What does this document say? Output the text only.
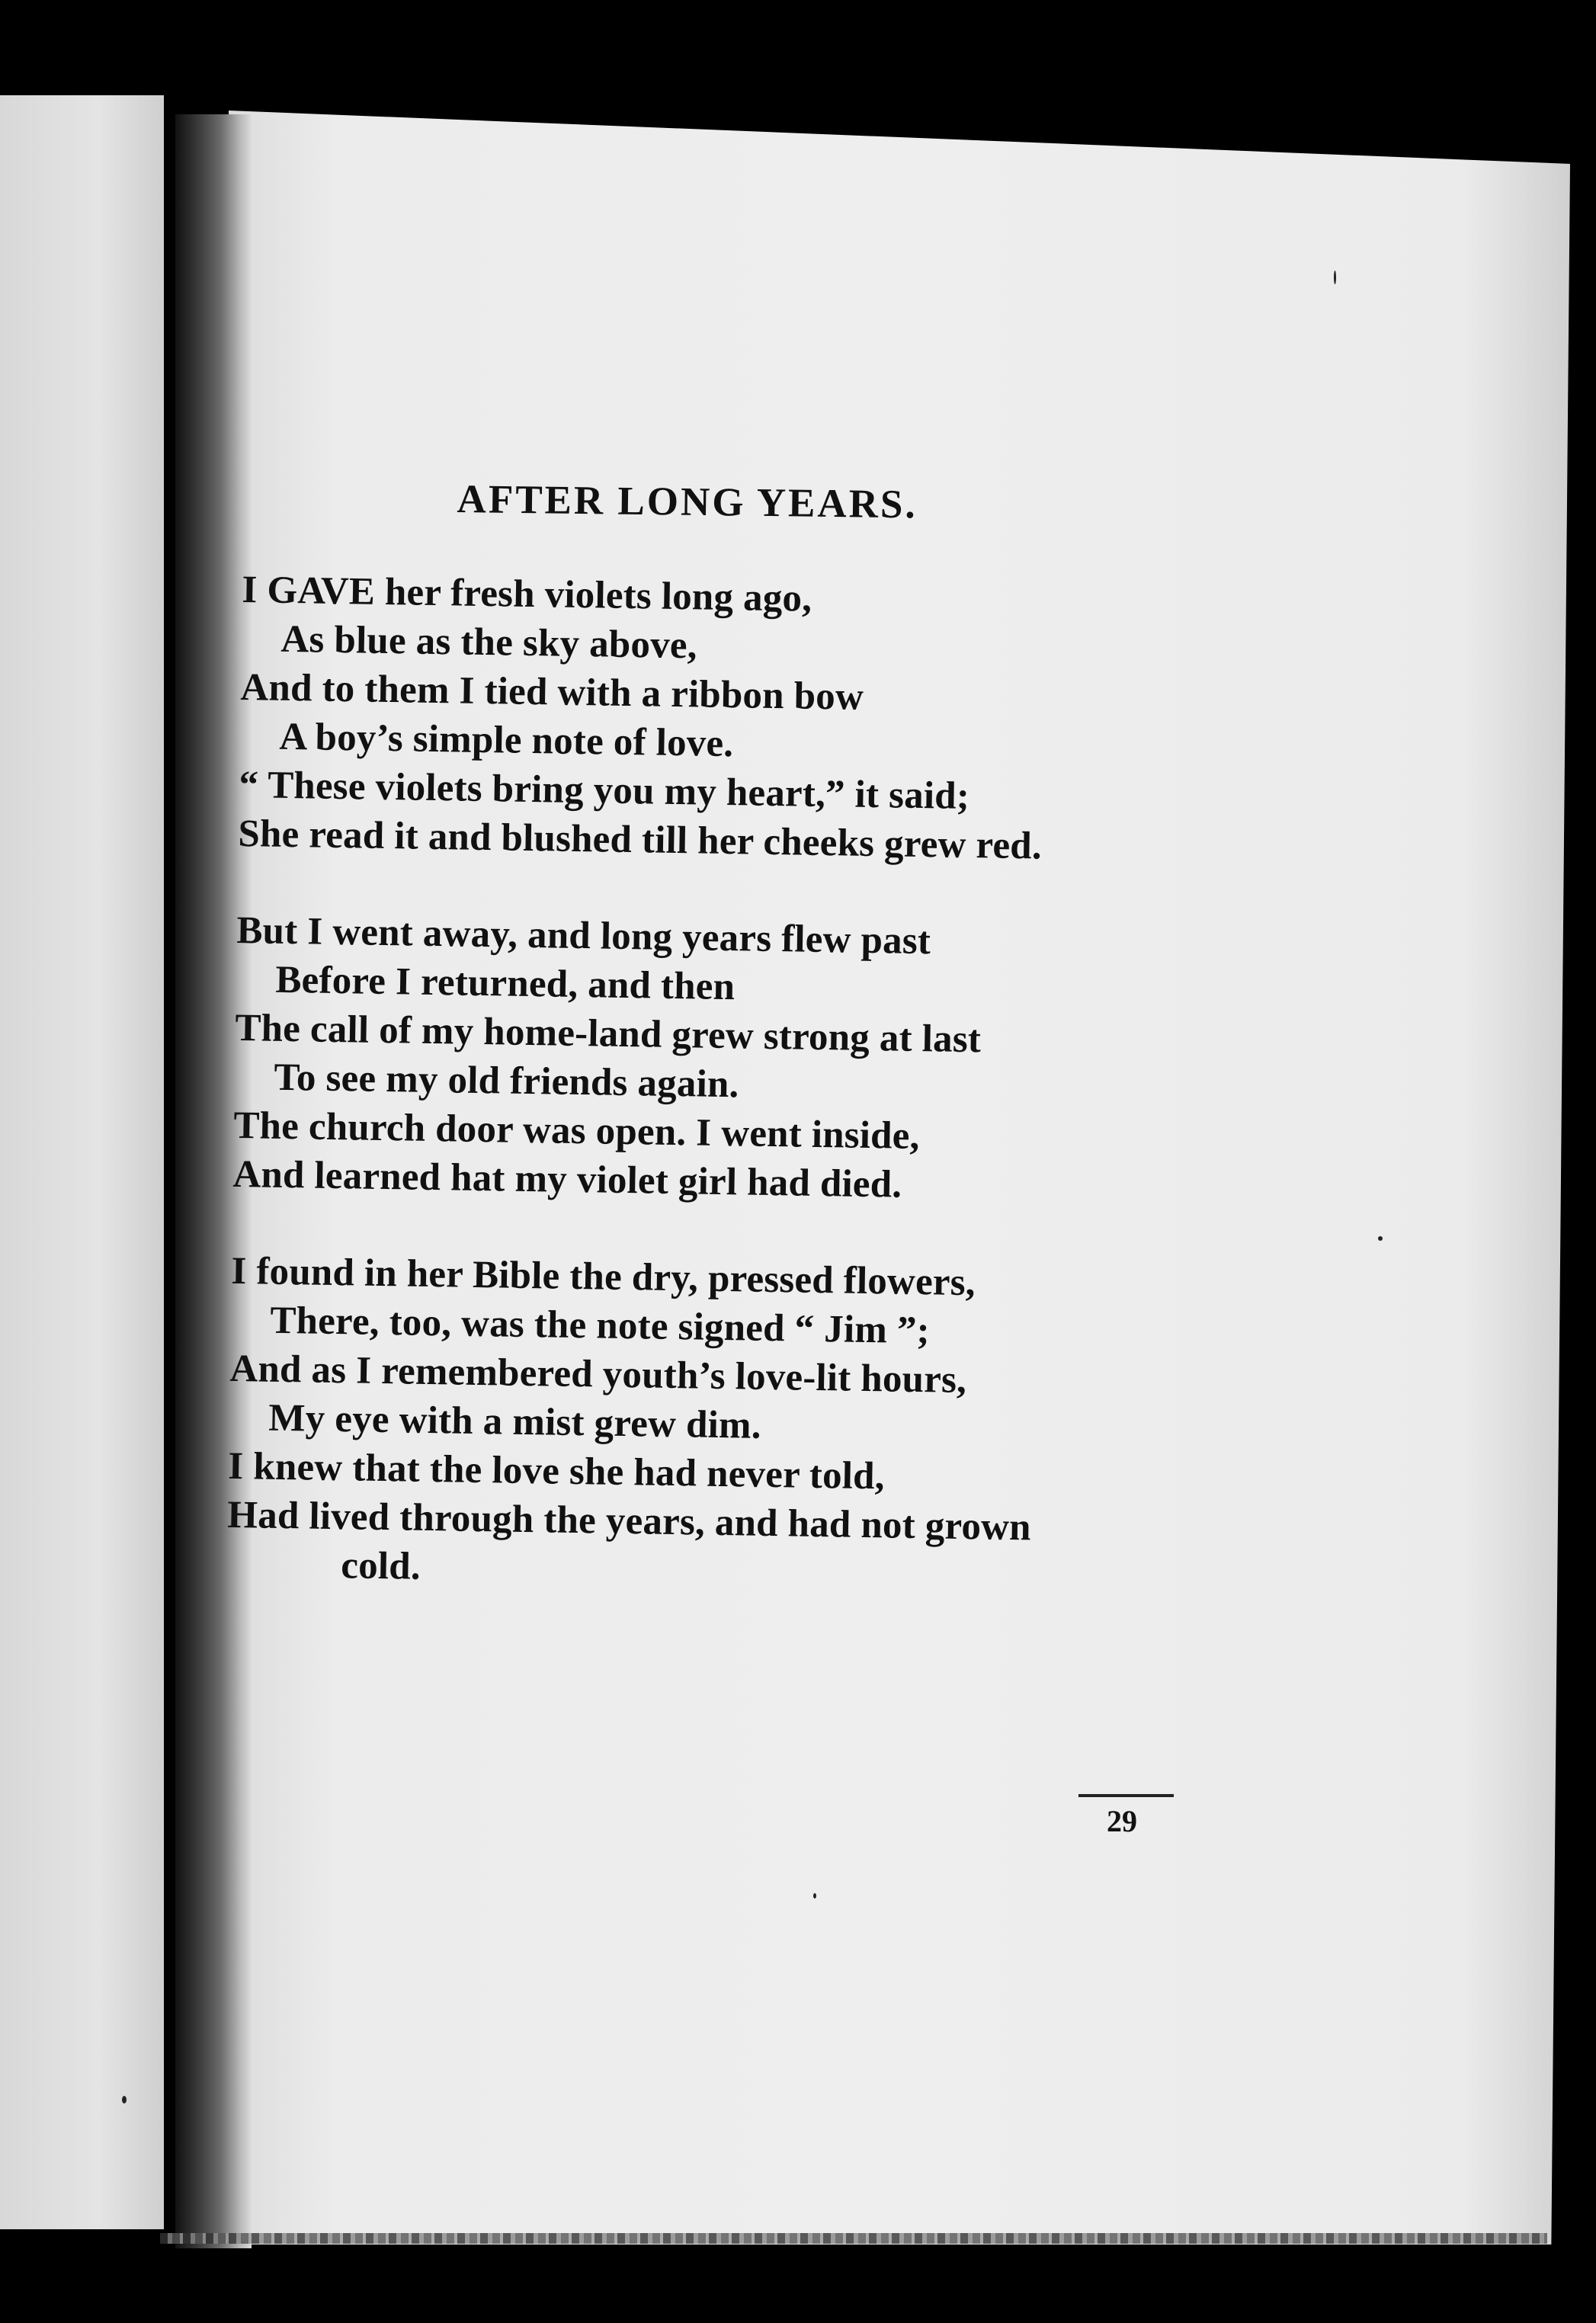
AFTER LONG YEARS.
I GAVE her fresh violets long ago,
As blue as the sky above,
And to them I tied with a ribbon bow
A boy’s simple note of love.
“ These violets bring you my heart,” it said;
She read it and blushed till her cheeks grew red.
But I went away, and long years flew past
Before I returned, and then
The call of my home-land grew strong at last
To see my old friends again.
The church door was open. I went inside,
And learned hat my violet girl had died.
I found in her Bible the dry, pressed flowers,
There, too, was the note signed “ Jim ”;
And as I remembered youth’s love-lit hours,
My eye with a mist grew dim.
I knew that the love she had never told,
Had lived through the years, and had not grown
cold.
29
